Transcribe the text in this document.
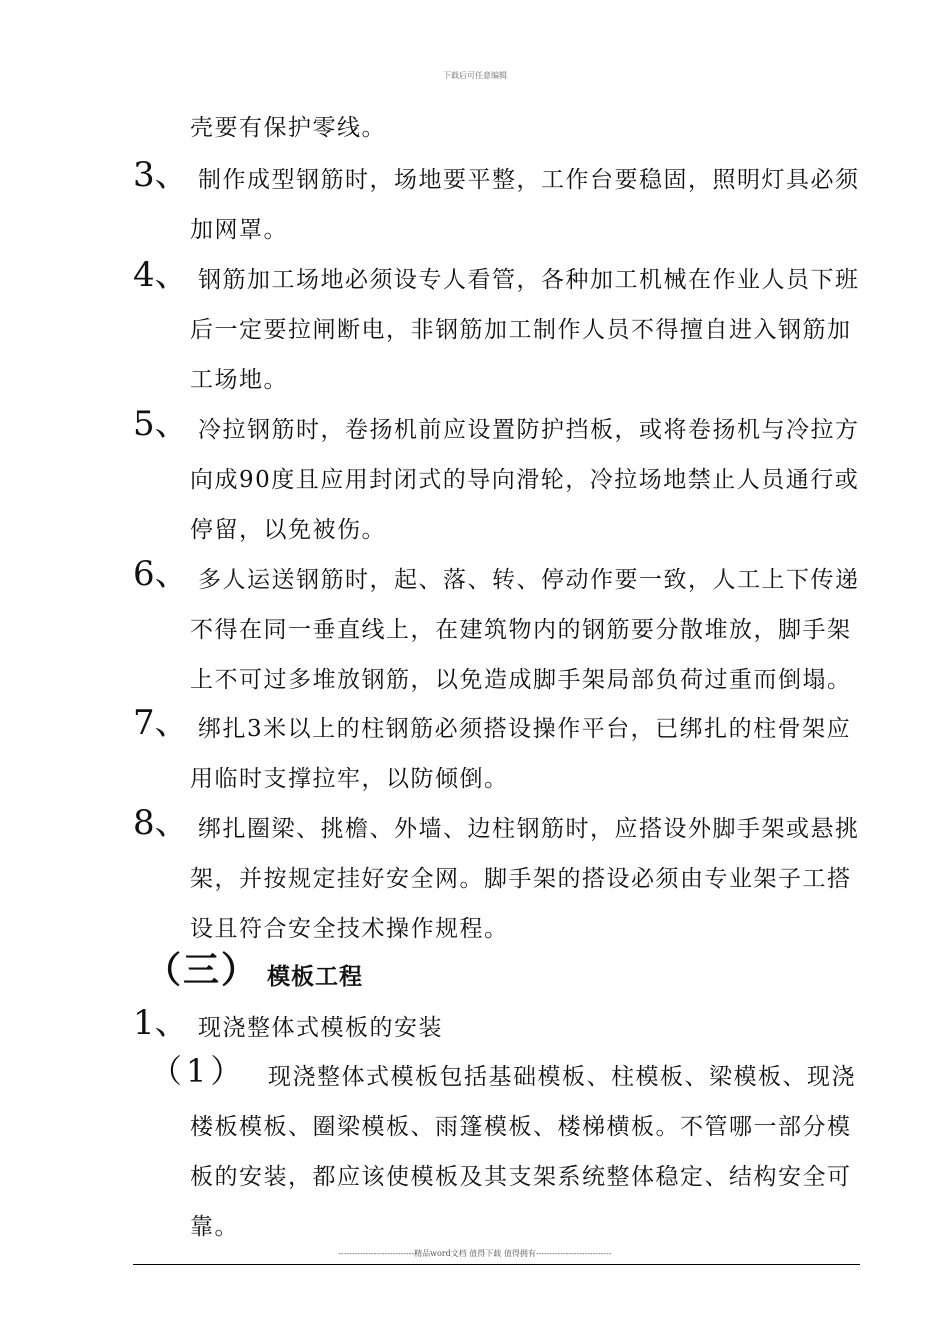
下载后可任意编辑
壳要有保护零线。
3、 制作成型钢筋时，场地要平整，工作台要稳固，照明灯具必须
加网罩。
4、 钢筋加工场地必须设专人看管，各种加工机械在作业人员下班
后一定要拉闸断电，非钢筋加工制作人员不得擅自进入钢筋加
工场地。
5、 冷拉钢筋时，卷扬机前应设置防护挡板，或将卷扬机与冷拉方
向成90度且应用封闭式的导向滑轮，冷拉场地禁止人员通行或
停留，以免被伤。
6、 多人运送钢筋时，起、落、转、停动作要一致，人工上下传递
不得在同一垂直线上，在建筑物内的钢筋要分散堆放，脚手架
上不可过多堆放钢筋，以免造成脚手架局部负荷过重而倒塌。
7、 绑扎3米以上的柱钢筋必须搭设操作平台，已绑扎的柱骨架应
用临时支撑拉牢，以防倾倒。
8、 绑扎圈梁、挑檐、外墙、边柱钢筋时，应搭设外脚手架或悬挑
架，并按规定挂好安全网。脚手架的搭设必须由专业架子工搭
设且符合安全技术操作规程。
（三） 模板工程
1、 现浇整体式模板的安装
（1） 现浇整体式模板包括基础模板、柱模板、梁模板、现浇
楼板模板、圈梁模板、雨篷模板、楼梯横板。不管哪一部分模
板的安装，都应该使模板及其支架系统整体稳定、结构安全可
靠。
----------------------------精品word文档 值得下载 值得拥有----------------------------
